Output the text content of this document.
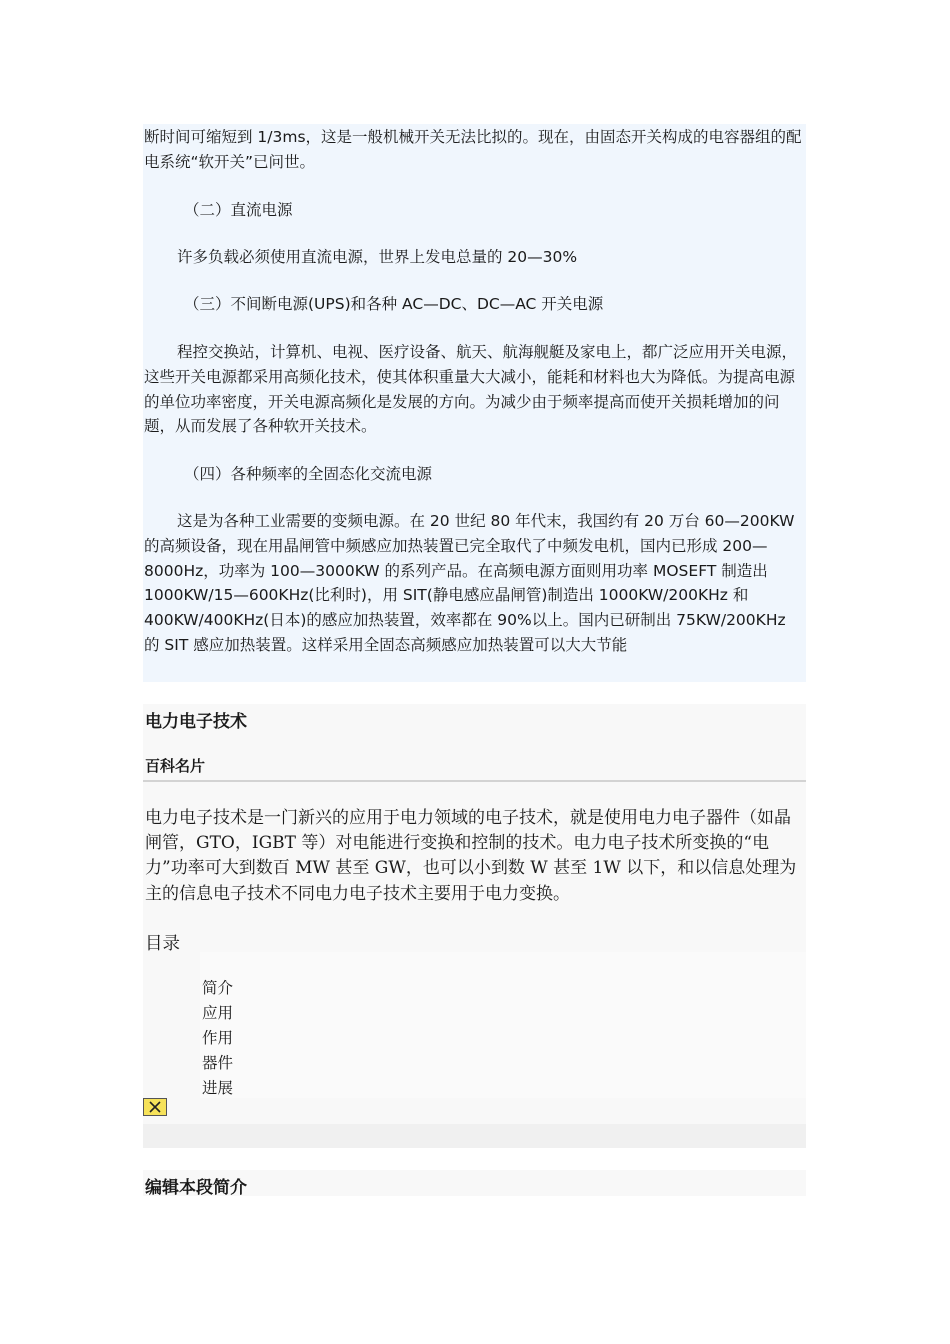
断时间可缩短到 1/3ms，这是一般机械开关无法比拟的。现在，由固态开关构成的电容器组的配电系统“软开关”已问世。

（二）直流电源

许多负载必须使用直流电源，世界上发电总量的 20—30%

（三）不间断电源(UPS)和各种 AC—DC、DC—AC 开关电源

程控交换站，计算机、电视、医疗设备、航天、航海舰艇及家电上，都广泛应用开关电源，这些开关电源都采用高频化技术，使其体积重量大大减小，能耗和材料也大为降低。为提高电源的单位功率密度，开关电源高频化是发展的方向。为减少由于频率提高而使开关损耗增加的问题，从而发展了各种软开关技术。

（四）各种频率的全固态化交流电源

这是为各种工业需要的变频电源。在 20 世纪 80 年代末，我国约有 20 万台 60—200KW 的高频设备，现在用晶闸管中频感应加热装置已完全取代了中频发电机，国内已形成 200—8000Hz，功率为 100—3000KW 的系列产品。在高频电源方面则用功率 MOSEFT 制造出 1000KW/15—600KHz(比利时)，用 SIT(静电感应晶闸管)制造出 1000KW/200KHz 和 400KW/400KHz(日本)的感应加热装置，效率都在 90%以上。国内已研制出 75KW/200KHz 的 SIT 感应加热装置。这样采用全固态高频感应加热装置可以大大节能

电力电子技术
百科名片

电力电子技术是一门新兴的应用于电力领域的电子技术，就是使用电力电子器件（如晶闸管，GTO，IGBT 等）对电能进行变换和控制的技术。电力电子技术所变换的“电力”功率可大到数百 MW 甚至 GW，也可以小到数 W 甚至 1W 以下，和以信息处理为主的信息电子技术不同电力电子技术主要用于电力变换。

目录

简介
应用
作用
器件
进展
编辑本段简介
